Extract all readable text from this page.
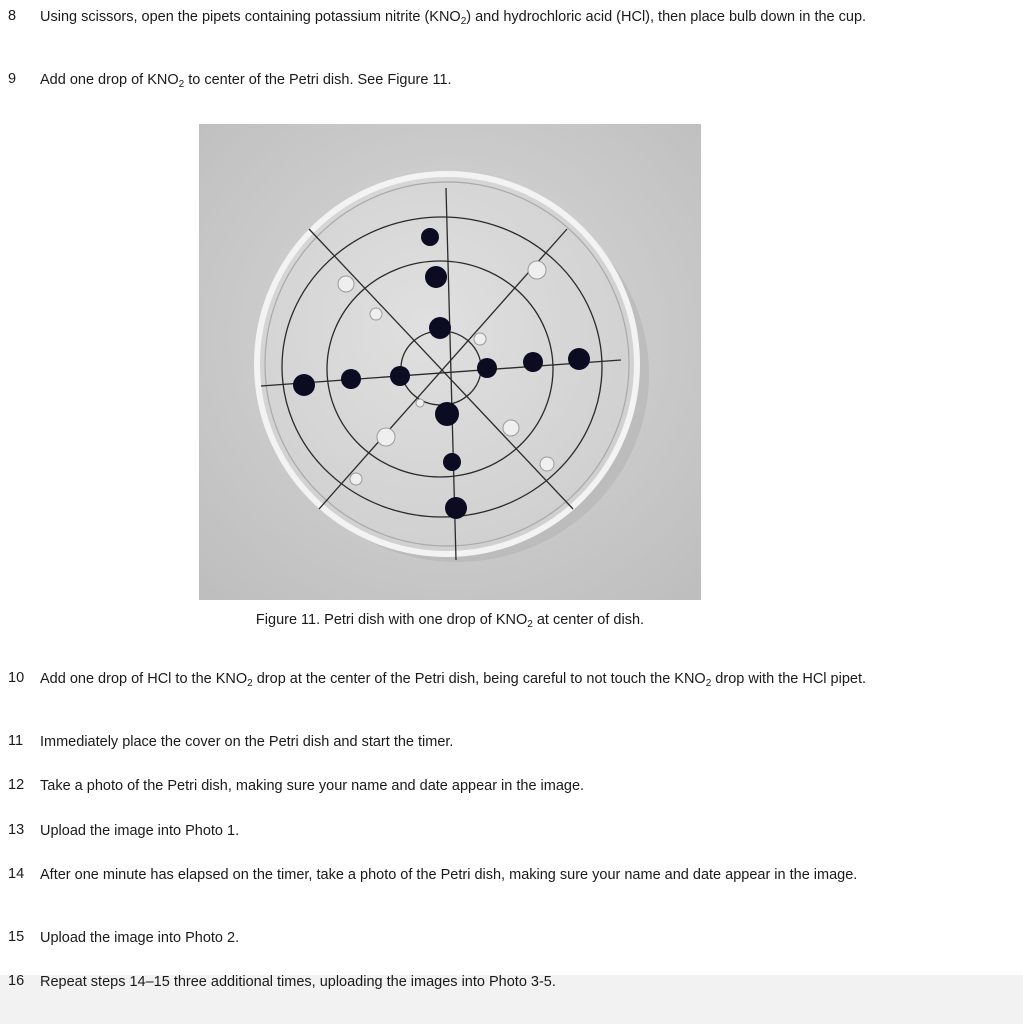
8	Using scissors, open the pipets containing potassium nitrite $(KNO_2)$ and hydrochloric acid (HCl), then place bulb down in the cup.
9	Add one drop of $KNO_2$ to center of the Petri dish. See Figure 11.
Figure 11. Petri dish with one drop of $KNO_2$ at center of dish.
10	Add one drop of HCl to the $KNO_2$ drop at the center of the Petri dish, being careful to not touch the $KNO_2$ drop with the HCl pipet.
11	Immediately place the cover on the Petri dish and start the timer.
12	Take a photo of the Petri dish, making sure your name and date appear in the image.
13	Upload the image into Photo 1.
14	After one minute has elapsed on the timer, take a photo of the Petri dish, making sure your name and date appear in the image.
15	Upload the image into Photo 2.
16	Repeat steps 14–15 three additional times, uploading the images into Photo 3-5.
